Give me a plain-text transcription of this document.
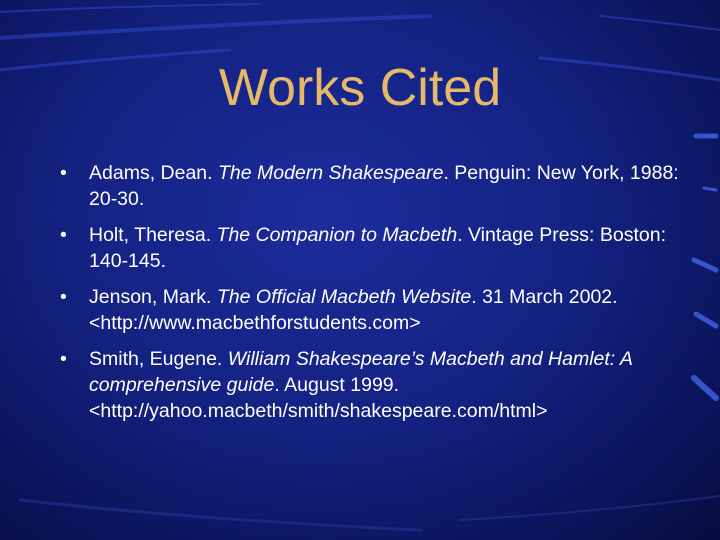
Works Cited
• Adams, Dean. The Modern Shakespeare. Penguin: New York, 1988: 20-30.
• Holt, Theresa. The Companion to Macbeth. Vintage Press: Boston: 140-145.
• Jenson, Mark. The Official Macbeth Website. 31 March 2002. <http://www.macbethforstudents.com>
• Smith, Eugene. William Shakespeare’s Macbeth and Hamlet: A comprehensive guide. August 1999. <http://yahoo.macbeth/smith/shakespeare.com/html>
